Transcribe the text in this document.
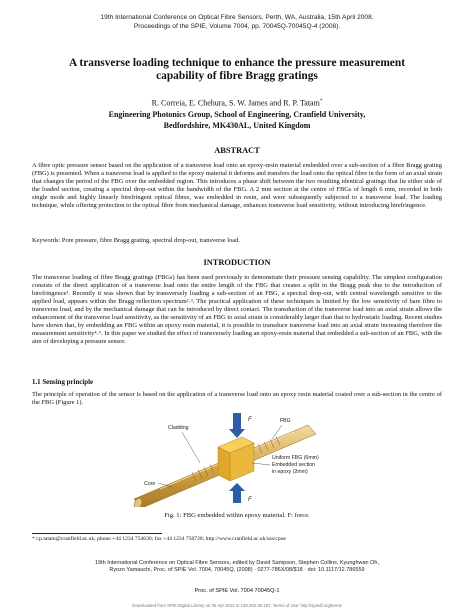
19th International Conference on Optical Fibre Sensors, Perth, WA, Australia, 15th April 2008.
Proceedings of the SPIE, Volume 7004, pp. 70045Q-70045Q-4 (2008).
A transverse loading technique to enhance the pressure measurement
capability of fibre Bragg gratings
R. Correia, E. Chehura, S. W. James and R. P. Tatam*
Engineering Photonics Group, School of Engineering, Cranfield University,
Bedfordshire, MK430AL, United Kingdom
ABSTRACT
A fibre optic pressure sensor based on the application of a transverse load onto an epoxy-resin material embedded over a sub-section of a fibre Bragg grating (FBG) is presented. When a transverse load is applied to the epoxy material it deforms and transfers the load onto the optical fibre in the form of an axial strain that changes the period of the FBG over the embedded region. This introduces a phase shift between the two resulting identical gratings that lie either side of the loaded section, creating a spectral drop-out within the bandwidth of the FBG. A 2 mm section at the centre of FBGs of length 6 mm, recorded in both single mode and highly linearly birefringent optical fibres, was embedded in resin, and were subsequently subjected to a transverse load. The loading technique, while offering protection to the optical fibre from mechanical damage, enhances transverse load sensitivity, without introducing birefringence.
Keywords: Pore pressure, fibre Bragg grating, spectral drop-out, transverse load.
INTRODUCTION
The transverse loading of fibre Bragg gratings (FBGs) has been used previously to demonstrate their pressure sensing capability. The simplest configuration consists of the direct application of a transverse load onto the entire length of the FBG that creates a split in the Bragg peak due to the introduction of birefringence¹. Recently it was shown that by transversely loading a sub-section of an FBG, a spectral drop-out, with central wavelength sensitive to the applied load, appears within the Bragg reflection spectrum²˒³. The practical application of these techniques is limited by the low sensitivity of bare fibre to transverse load, and by the mechanical damage that can be introduced by direct contact. The transduction of the transverse load into an axial strain allows the enhancement of the transverse load sensitivity, as the sensitivity of an FBG to axial strain is considerably larger than that to hydrostatic loading. Recent studies have shown that, by embedding an FBG within an epoxy resin material, it is possible to transduce transverse load into an axial strain increasing therefore the measurement sensitivity⁴˒⁵. In this paper we studied the effect of transversely loading an epoxy-resin material that embedded a sub-section of an FBG, with the aim of developing a pressure sensor.
1.1 Sensing principle
The principle of operation of the sensor is based on the application of a transverse load onto an epoxy resin material coated over a sub-section in the centre of the FBG (Figure 1).
Cladding
Core
F
F
FBG
Uniform FBG (6mm)
Embedded section
in epoxy (2mm)
Fig. 1: FBG embedded within epoxy material. F: force.
* r.p.tatam@cranfield.ac.uk; phone +44 1234 754630; fax +44 1234 750728; http://www.cranfield.ac.uk/sas/cpoe
19th International Conference on Optical Fibre Sensors, edited by David Sampson, Stephen Collins, Kyunghwan Oh,
Ryozo Yamauchi, Proc. of SPIE Vol. 7004, 70045Q, (2008) · 0277-786X/08/$18 · doi: 10.1117/12.786559
Proc. of SPIE Vol. 7004 70045Q-1
Downloaded from SPIE Digital Library on 05 Apr 2012 to 138.250.95.197. Terms of Use: http://spiedl.org/terms
